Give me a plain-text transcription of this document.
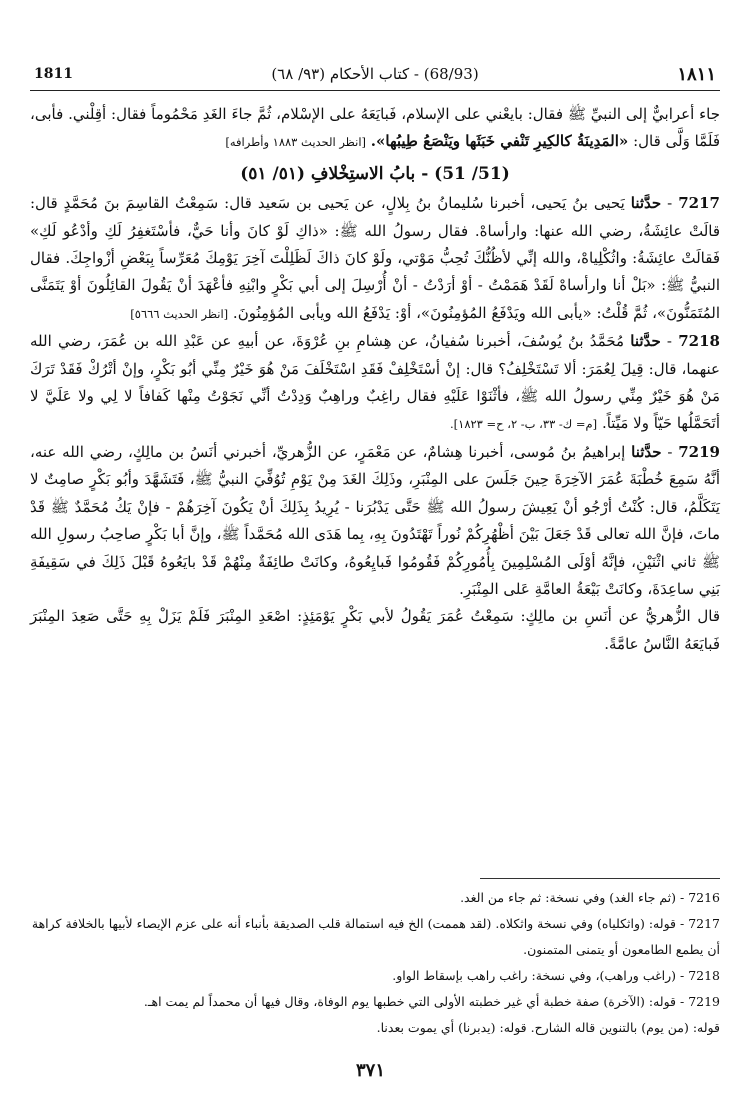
١٨١١
(68/93) - كتاب الأحكام (٩٣/ ٦٨)
1811

جاء أعرابيٌّ إلى النبيِّ ﷺ فقال: بايعْني على الإسلام، فَبايَعَهُ على الإسْلام، ثُمَّ جاءَ الغَدِ مَحْمُوماً فقال: أقِلْني. فأبى، فَلَمَّا وَلَّى قال: «المَدِينَةُ كالكِيرِ تَنْفي خَبَثَها ويَنْصَعُ طِيبُها». [انظر الحديث ١٨٨٣ وأطرافه]

(51/ 51) - بابُ الاستِخْلافِ (٥١/ ٥١)

7217 - حدَّثنا يَحيى بنُ يَحيى، أخبرنا سُليمانُ بنُ بِلالٍ، عن يَحيى بن سَعيد قال: سَمِعْتُ القاسِمَ بنَ مُحَمَّدٍ قال: قالَتْ عائِشَةُ، رضي الله عنها: وارأساهْ. فقال رسولُ الله ﷺ: «ذاكِ لَوْ كانَ وأنا حَيٌّ، فأسْتَغفِرُ لَكِ وأدْعُو لَكِ» فَقالَتْ عائِشَةُ: واثُكْلِياهْ، والله إنِّي لأظُنُّكَ تُحِبُّ مَوْتي، ولَوْ كانَ ذاكَ لَظَلِلْتَ آخِرَ يَوْمِكَ مُعَرِّساً بِبَعْضِ أزْواجِكَ. فقال النبيُّ ﷺ: «بَلْ أنا وارأساهْ لَقَدْ هَمَمْتُ - أوْ أرَدْتُ - أنْ أُرْسِلَ إلى أبي بَكْرٍ وابْنِهِ فأعْهَدَ أنْ يَقُولَ القائِلُونَ أوْ يَتَمَنَّى المُتَمَنُّونَ»، ثُمَّ قُلْتُ: «يأبى الله ويَدْفَعُ المُؤمِنُونَ»، أوْ: يَدْفَعُ الله ويأبى المُؤمِنُونَ. [انظر الحديث ٥٦٦٦]

7218 - حدَّثنا مُحَمَّدُ بنُ يُوسُفَ، أخبرنا سُفيانُ، عن هِشامِ بنِ عُرْوَةَ، عن أبيهِ عن عَبْدِ الله بن عُمَرَ، رضي الله عنهما، قال: قِيلَ لِعُمَرَ: ألا تَسْتَخْلِفُ؟ قال: إنْ أسْتَخْلِفْ فَقَدِ اسْتَخْلَفَ مَنْ هُوَ خَيْرٌ مِنِّي أبُو بَكْرٍ، وإنْ أتْرُكْ فَقَدْ تَرَكَ مَنْ هُوَ خَيْرٌ مِنِّي رسولُ الله ﷺ، فأثْنَوْا عَلَيْهِ فقال راغِبٌ وراهِبٌ وَدِدْتُ أنِّي نَجَوْتُ مِنْها كَفافاً لا لِي ولا عَلَيَّ لا أتَحَمَّلُها حَيّاً ولا مَيِّتاً. [م= ك- ٣٣، ب- ٢، ح= ١٨٢٣].

7219 - حدَّثنا إبراهيمُ بنُ مُوسى، أخبرنا هِشامٌ، عن مَعْمَرٍ، عن الزُّهريِّ، أخبرني أنَسُ بن مالِكٍ، رضي الله عنه، أنَّهُ سَمِعَ خُطْبَةَ عُمَرَ الآخِرَةَ حِينَ جَلَسَ على المِنْبَرِ، وذَلِكَ الغَدَ مِنْ يَوْمِ تُوُفِّيَ النبيُّ ﷺ، فَتَشَهَّدَ وأبُو بَكْرٍ صامِتٌ لا يَتَكَلَّمُ، قال: كُنْتُ أرْجُو أنْ يَعِيشَ رسولُ الله ﷺ حَتَّى يَدْبُرَنا - يُرِيدُ بِذَلِكَ أنْ يَكُونَ آخِرَهُمْ - فإنْ يَكُ مُحَمَّدٌ ﷺ قَدْ ماتَ، فإنَّ الله تعالى قَدْ جَعَلَ بَيْنَ أظْهُرِكُمْ نُوراً تَهْتَدُونَ بِهِ، بِما هَدَى الله مُحَمَّداً ﷺ، وإنَّ أبا بَكْرٍ صاحِبُ رسولِ الله ﷺ ثاني اثْنَيْنِ، فإنَّهُ أوْلَى المُسْلِمِينَ بِأُمُورِكُمْ فَقُومُوا فَبايِعُوهُ، وكانَتْ طائِفَةٌ مِنْهُمْ قَدْ بايَعُوهُ قَبْلَ ذَلِكَ في سَقِيفَةِ بَنِي ساعِدَةَ، وكانَتْ بَيْعَةُ العامَّةِ عَلى المِنْبَرِ.

قال الزُّهريُّ عن أنَسِ بن مالِكٍ: سَمِعْتُ عُمَرَ يَقُولُ لأبي بَكْرٍ يَوْمَئِذٍ: اصْعَدِ المِنْبَرَ فَلَمْ يَزَلْ بِهِ حَتَّى صَعِدَ المِنْبَرَ فَبايَعَهُ النَّاسُ عامَّةً.

7216 - (ثم جاء الغد) وفي نسخة: ثم جاء من الغد.

7217 - قوله: (واثكلياه) وفي نسخة واثكلاه. (لقد هممت) الخ فيه استمالة قلب الصديقة بأنباء أنه على عزم الإيصاء لأبيها بالخلافة كراهة أن يطمع الطامعون أو يتمنى المتمنون.

7218 - (راغب وراهب)، وفي نسخة: راغب راهب بإسقاط الواو.

7219 - قوله: (الآخرة) صفة خطبة أي غير خطبته الأولى التي خطبها يوم الوفاة، وقال فيها أن محمداً لم يمت اهـ.

قوله: (من يوم) بالتنوين قاله الشارح. قوله: (يدبرنا) أي يموت بعدنا.

٣٧١
